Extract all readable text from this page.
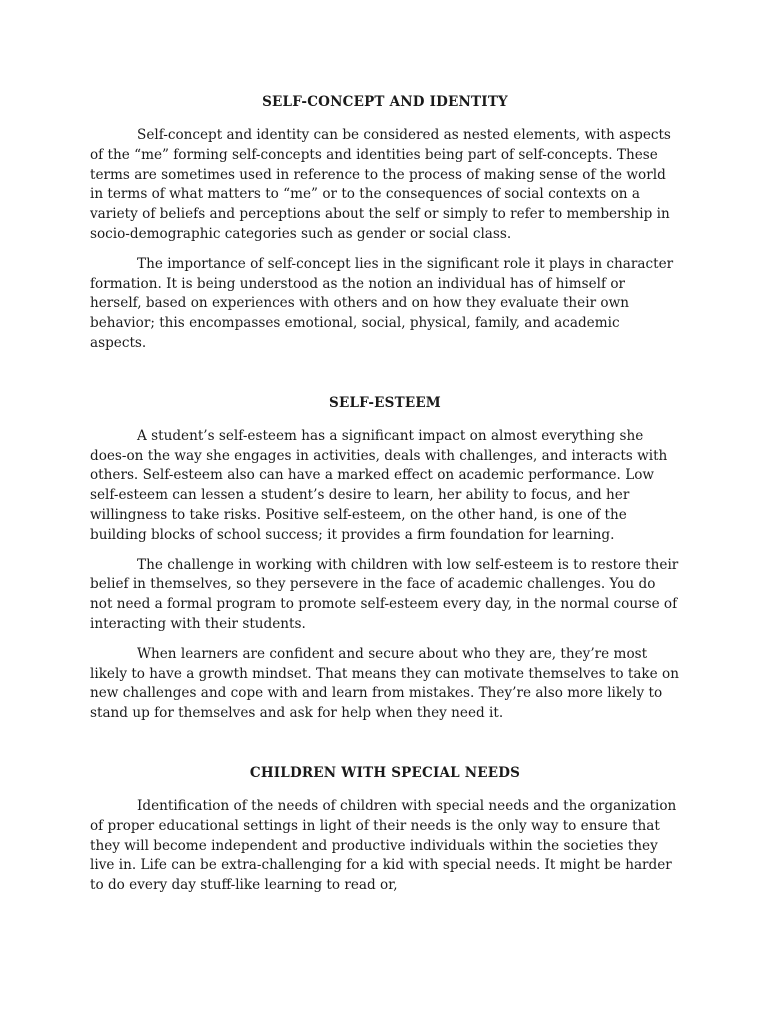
SELF-CONCEPT AND IDENTITY

Self-concept and identity can be considered as nested elements, with aspects of the “me” forming self-concepts and identities being part of self-concepts. These terms are sometimes used in reference to the process of making sense of the world in terms of what matters to “me” or to the consequences of social contexts on a variety of beliefs and perceptions about the self or simply to refer to membership in socio-demographic categories such as gender or social class.

The importance of self-concept lies in the significant role it plays in character formation. It is being understood as the notion an individual has of himself or herself, based on experiences with others and on how they evaluate their own behavior; this encompasses emotional, social, physical, family, and academic aspects.

SELF-ESTEEM

A student’s self-esteem has a significant impact on almost everything she does-on the way she engages in activities, deals with challenges, and interacts with others. Self-esteem also can have a marked effect on academic performance. Low self-esteem can lessen a student’s desire to learn, her ability to focus, and her willingness to take risks. Positive self-esteem, on the other hand, is one of the building blocks of school success; it provides a firm foundation for learning.

The challenge in working with children with low self-esteem is to restore their belief in themselves, so they persevere in the face of academic challenges. You do not need a formal program to promote self-esteem every day, in the normal course of interacting with their students.

When learners are confident and secure about who they are, they’re most likely to have a growth mindset. That means they can motivate themselves to take on new challenges and cope with and learn from mistakes. They’re also more likely to stand up for themselves and ask for help when they need it.

CHILDREN WITH SPECIAL NEEDS

Identification of the needs of children with special needs and the organization of proper educational settings in light of their needs is the only way to ensure that they will become independent and productive individuals within the societies they live in. Life can be extra-challenging for a kid with special needs. It might be harder to do every day stuff-like learning to read or,
